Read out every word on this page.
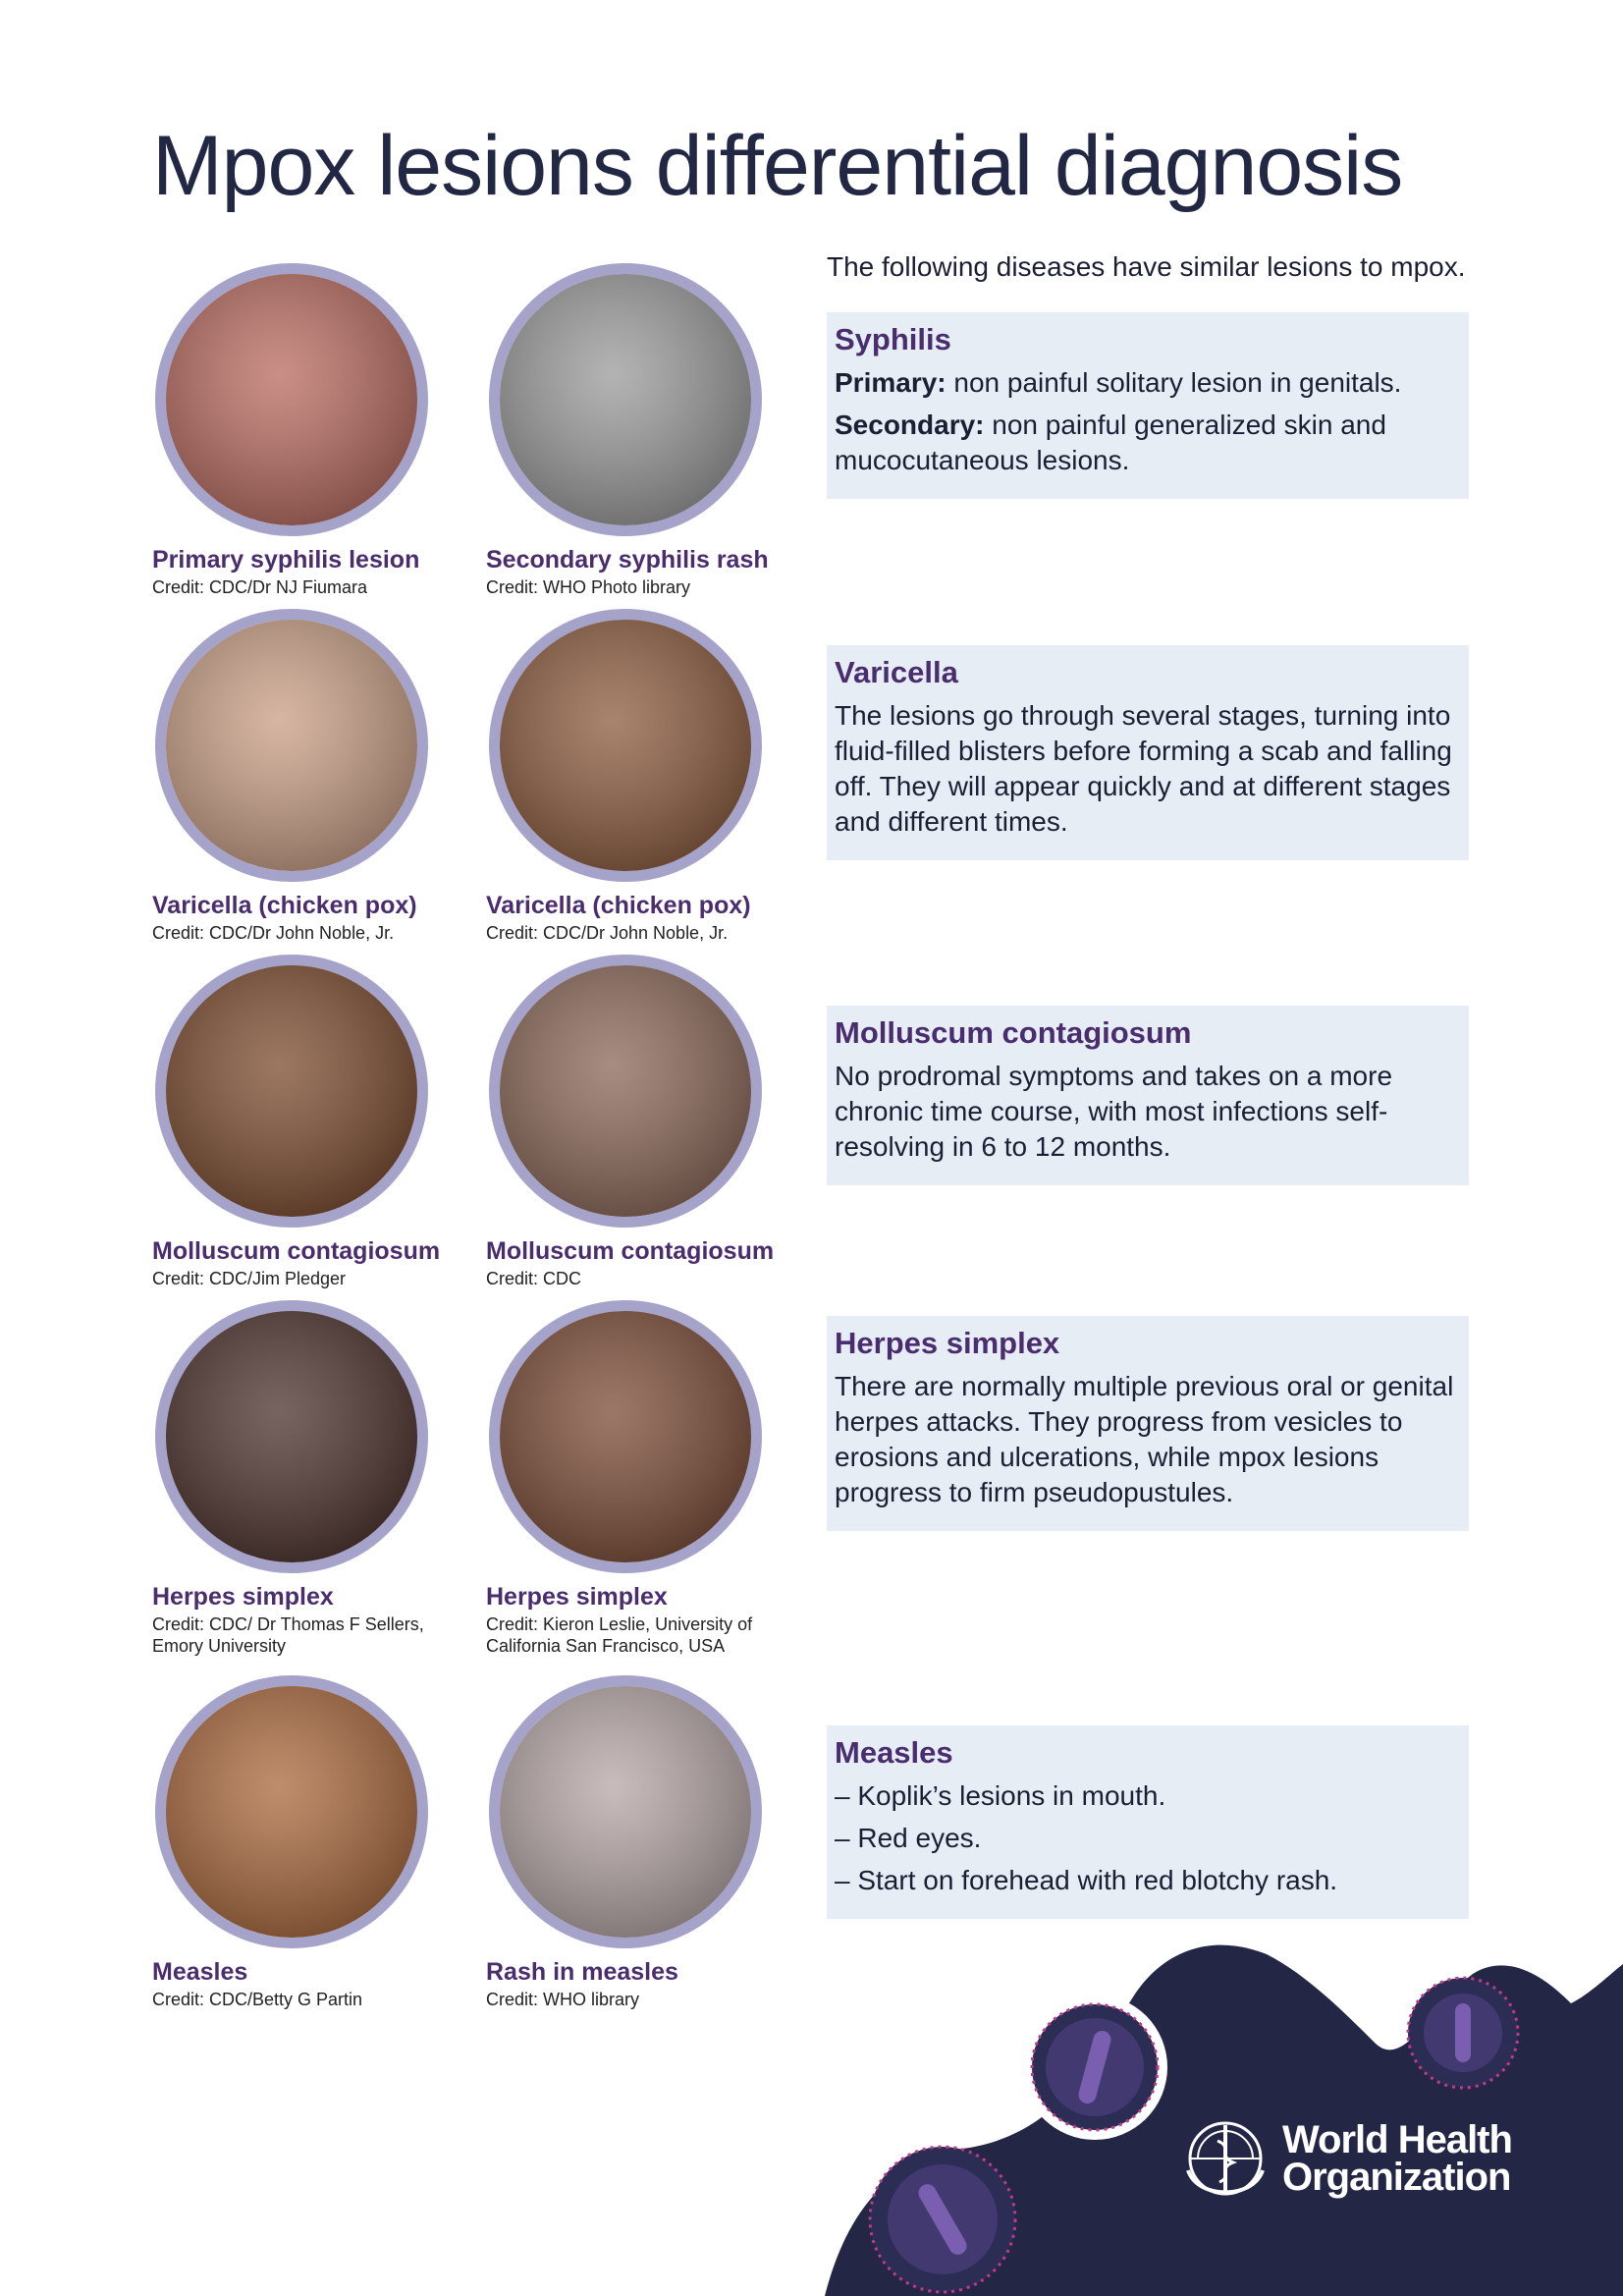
Mpox lesions differential diagnosis
The following diseases have similar lesions to mpox.
Primary syphilis lesion
Credit: CDC/Dr NJ Fiumara
Secondary syphilis rash
Credit: WHO Photo library
Varicella (chicken pox)
Credit: CDC/Dr John Noble, Jr.
Varicella (chicken pox)
Credit: CDC/Dr John Noble, Jr.
Molluscum contagiosum
Credit: CDC/Jim Pledger
Molluscum contagiosum
Credit: CDC
Herpes simplex
Credit: CDC/ Dr Thomas F Sellers,
Emory University
Herpes simplex
Credit: Kieron Leslie, University of
California San Francisco, USA
Measles
Credit: CDC/Betty G Partin
Rash in measles
Credit: WHO library
Syphilis

Primary: non painful solitary lesion in genitals.

Secondary: non painful generalized skin and mucocutaneous lesions.

Varicella

The lesions go through several stages, turning into fluid-filled blisters before forming a scab and falling off. They will appear quickly and at different stages and different times.

Molluscum contagiosum

No prodromal symptoms and takes on a more chronic time course, with most infections self-resolving in 6 to 12 months.

Herpes simplex

There are normally multiple previous oral or genital herpes attacks. They progress from vesicles to erosions and ulcerations, while mpox lesions progress to firm pseudopustules.

Measles

– Koplik’s lesions in mouth.

– Red eyes.

– Start on forehead with red blotchy rash.

World Health
Organization
